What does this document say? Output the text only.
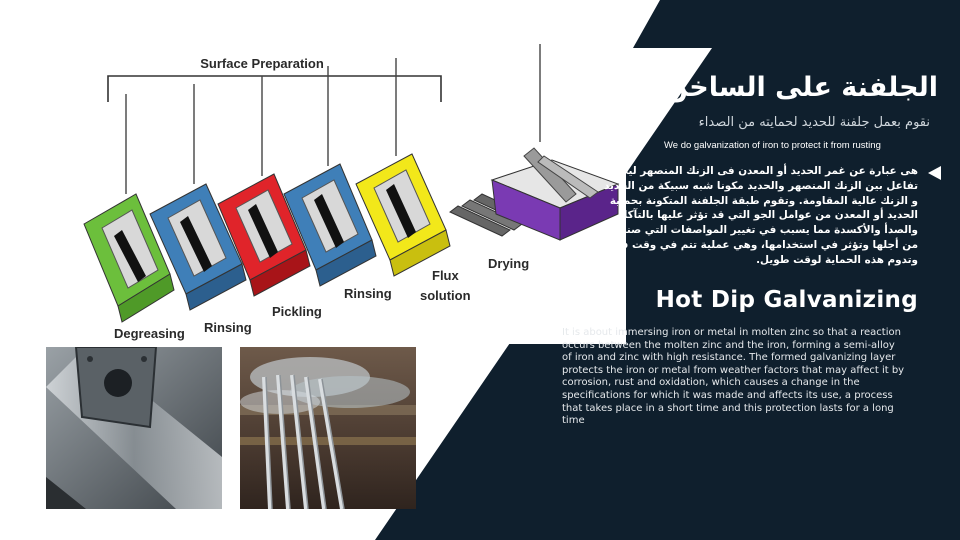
Surface Preparation
Degreasing Rinsing
Pickling
Rinsing
Flux
solution
Drying
الجلفنة على الساخن
نقوم بعمل جلفنة للحديد لحمايته من الصداء
We do galvanization of iron to protect it from rusting
هى عبارة عن غمر الحديد أو المعدن فى الزنك المنصهر ليحدث تفاعل بين الزنك المنصهر والحديد مكونا شبه سبيكة من الحديد و الزنك عالية المقاومة. وتقوم طبقة الجلفنة المتكونة بحماية الحديد أو المعدن من عوامل الجو التي قد تؤثر عليها بالتآكل والصدأ والأكسدة مما يسبب في تغيير المواصفات التي صنعت من أجلها وتؤثر في استخدامها، وهي عملية تتم في وقت قصير وتدوم هذه الحماية لوقت طويل.
Hot Dip Galvanizing
It is about immersing iron or metal in molten zinc so that a reaction occurs between the molten zinc and the iron, forming a semi-alloy of iron and zinc with high resistance. The formed galvanizing layer protects the iron or metal from weather factors that may affect it by corrosion, rust and oxidation, which causes a change in the specifications for which it was made and affects its use, a process that takes place in a short time and this protection lasts for a long time
